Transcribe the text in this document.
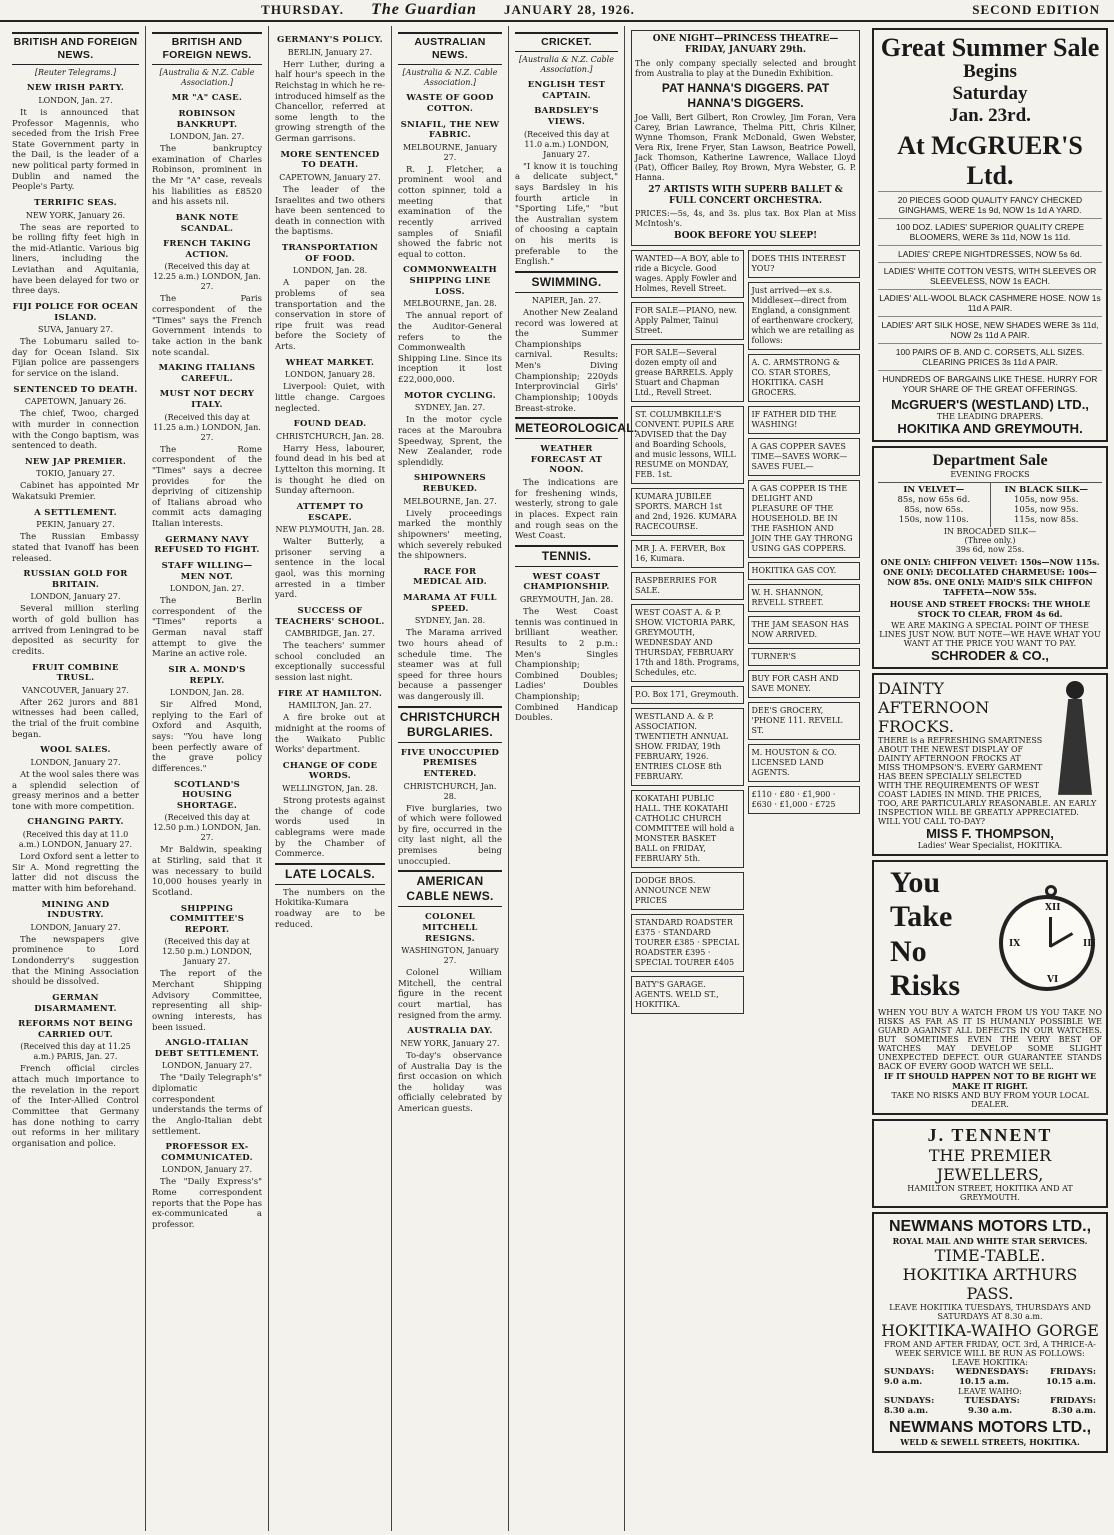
THURSDAY.	The Guardian	JANUARY 28, 1926.	SECOND EDITION
BRITISH AND FOREIGN NEWS.
[Reuter Telegrams.]
NEW IRISH PARTY.
LONDON, Jan. 27.

It is announced that Professor Magennis, who seceded from the Irish Free State Government party in the Dail, is the leader of a new political party formed in Dublin and named the People's Party.

TERRIFIC SEAS.
NEW YORK, January 26.

The seas are reported to be rolling fifty feet high in the mid-Atlantic. Various big liners, including the Leviathan and Aquitania, have been delayed for two or three days.

FIJI POLICE FOR OCEAN ISLAND.
SUVA, January 27.

The Lobumaru sailed to-day for Ocean Island. Six Fijian police are passengers for service on the island.

SENTENCED TO DEATH.
CAPETOWN, January 26.

The chief, Twoo, charged with murder in connection with the Congo baptism, was sentenced to death.

NEW JAP PREMIER.
TOKIO, January 27.

Cabinet has appointed Mr Wakatsuki Premier.

A SETTLEMENT.
PEKIN, January 27.

The Russian Embassy stated that Ivanoff has been released.

RUSSIAN GOLD FOR BRITAIN.
LONDON, January 27.

Several million sterling worth of gold bullion has arrived from Leningrad to be deposited as security for credits.

FRUIT COMBINE TRUSL.
VANCOUVER, January 27.

After 262 jurors and 881 witnesses had been called, the trial of the fruit combine began.

WOOL SALES.
LONDON, January 27.

At the wool sales there was a splendid selection of greasy merinos and a better tone with more competition.

CHANGING PARTY.
(Received this day at 11.0 a.m.) LONDON, January 27.

Lord Oxford sent a letter to Sir A. Mond regretting the latter did not discuss the matter with him beforehand.

MINING AND INDUSTRY.
LONDON, January 27.

The newspapers give prominence to Lord Londonderry's suggestion that the Mining Association should be dissolved.

GERMAN DISARMAMENT.
REFORMS NOT BEING CARRIED OUT.
(Received this day at 11.25 a.m.) PARIS, Jan. 27.

French official circles attach much importance to the revelation in the report of the Inter-Allied Control Committee that Germany has done nothing to carry out reforms in her military organisation and police.

BRITISH AND FOREIGN NEWS.
[Australia & N.Z. Cable Association.]
MR "A" CASE.
ROBINSON BANKRUPT.
LONDON, Jan. 27.

The bankruptcy examination of Charles Robinson, prominent in the Mr "A" case, reveals his liabilities as £8520 and his assets nil.

BANK NOTE SCANDAL.
FRENCH TAKING ACTION.
(Received this day at 12.25 a.m.) LONDON, Jan. 27.

The Paris correspondent of the "Times" says the French Government intends to take action in the bank note scandal.

MAKING ITALIANS CAREFUL.
MUST NOT DECRY ITALY.
(Received this day at 11.25 a.m.) LONDON, Jan. 27.

The Rome correspondent of the "Times" says a decree provides for the depriving of citizenship of Italians abroad who commit acts damaging Italian interests.

GERMANY NAVY REFUSED TO FIGHT.
STAFF WILLING—MEN NOT.
LONDON, Jan. 27.

The Berlin correspondent of the "Times" reports a German naval staff attempt to give the Marine an active role.

SIR A. MOND'S REPLY.
LONDON, Jan. 28.

Sir Alfred Mond, replying to the Earl of Oxford and Asquith, says: "You have long been perfectly aware of the grave policy differences."

SCOTLAND'S HOUSING SHORTAGE.
(Received this day at 12.50 p.m.) LONDON, Jan. 27.

Mr Baldwin, speaking at Stirling, said that it was necessary to build 10,000 houses yearly in Scotland.

SHIPPING COMMITTEE'S REPORT.
(Received this day at 12.50 p.m.) LONDON, January 27.

The report of the Merchant Shipping Advisory Committee, representing all ship-owning interests, has been issued.

ANGLO-ITALIAN DEBT SETTLEMENT.
LONDON, January 27.

The "Daily Telegraph's" diplomatic correspondent understands the terms of the Anglo-Italian debt settlement.

PROFESSOR EX-COMMUNICATED.
LONDON, January 27.

The "Daily Express's" Rome correspondent reports that the Pope has ex-communicated a professor.

GERMANY'S POLICY.
BERLIN, January 27.

Herr Luther, during a half hour's speech in the Reichstag in which he re-introduced himself as the Chancellor, referred at some length to the growing strength of the German garrisons.

MORE SENTENCED TO DEATH.
CAPETOWN, January 27.

The leader of the Israelites and two others have been sentenced to death in connection with the baptisms.

TRANSPORTATION OF FOOD.
LONDON, Jan. 28.

A paper on the problems of sea transportation and the conservation in store of ripe fruit was read before the Society of Arts.

WHEAT MARKET.
LONDON, January 28.

Liverpool: Quiet, with little change. Cargoes neglected.

FOUND DEAD.
CHRISTCHURCH, Jan. 28.

Harry Hess, labourer, found dead in his bed at Lyttelton this morning. It is thought he died on Sunday afternoon.

ATTEMPT TO ESCAPE.
NEW PLYMOUTH, Jan. 28.

Walter Butterly, a prisoner serving a sentence in the local gaol, was this morning arrested in a timber yard.

SUCCESS OF TEACHERS' SCHOOL.
CAMBRIDGE, Jan. 27.

The teachers' summer school concluded an exceptionally successful session last night.

FIRE AT HAMILTON.
HAMILTON, Jan. 27.

A fire broke out at midnight at the rooms of the Waikato Public Works' department.

CHANGE OF CODE WORDS.
WELLINGTON, Jan. 28.

Strong protests against the change of code words used in cablegrams were made by the Chamber of Commerce.

LATE LOCALS.

The numbers on the Hokitika-Kumara roadway are to be reduced.

AUSTRALIAN NEWS.
[Australia & N.Z. Cable Association.]
WASTE OF GOOD COTTON.
SNIAFIL, THE NEW FABRIC.
MELBOURNE, January 27.

R. J. Fletcher, a prominent wool and cotton spinner, told a meeting that examination of the recently arrived samples of Sniafil showed the fabric not equal to cotton.

COMMONWEALTH SHIPPING LINE LOSS.
MELBOURNE, Jan. 28.

The annual report of the Auditor-General refers to the Commonwealth Shipping Line. Since its inception it lost £22,000,000.

MOTOR CYCLING.
SYDNEY, Jan. 27.

In the motor cycle races at the Maroubra Speedway, Sprent, the New Zealander, rode splendidly.

SHIPOWNERS REBUKED.
MELBOURNE, Jan. 27.

Lively proceedings marked the monthly shipowners' meeting, which severely rebuked the shipowners.

RACE FOR MEDICAL AID.
MARAMA AT FULL SPEED.
SYDNEY, Jan. 28.

The Marama arrived two hours ahead of schedule time. The steamer was at full speed for three hours because a passenger was dangerously ill.

CHRISTCHURCH BURGLARIES.
FIVE UNOCCUPIED PREMISES ENTERED.
CHRISTCHURCH, Jan. 28.

Five burglaries, two of which were followed by fire, occurred in the city last night, all the premises being unoccupied.

AMERICAN CABLE NEWS.
COLONEL MITCHELL RESIGNS.
WASHINGTON, January 27.

Colonel William Mitchell, the central figure in the recent court martial, has resigned from the army.

AUSTRALIA DAY.
NEW YORK, January 27.

To-day's observance of Australia Day is the first occasion on which the holiday was officially celebrated by American guests.

CRICKET.
[Australia & N.Z. Cable Association.]
ENGLISH TEST CAPTAIN.
BARDSLEY'S VIEWS.
(Received this day at 11.0 a.m.) LONDON, January 27.

"I know it is touching a delicate subject," says Bardsley in his fourth article in "Sporting Life," "but the Australian system of choosing a captain on his merits is preferable to the English."

SWIMMING.
NAPIER, Jan. 27.

Another New Zealand record was lowered at the Summer Championships carnival. Results: Men's Diving Championship; 220yds Interprovincial Girls' Championship; 100yds Breast-stroke.

METEOROLOGICAL.
WEATHER FORECAST AT NOON.

The indications are for freshening winds, westerly, strong to gale in places. Expect rain and rough seas on the West Coast.

TENNIS.
WEST COAST CHAMPIONSHIP.
GREYMOUTH, Jan. 28.

The West Coast tennis was continued in brilliant weather. Results to 2 p.m.: Men's Singles Championship; Combined Doubles; Ladies' Doubles Championship; Combined Handicap Doubles.

ONE NIGHT—PRINCESS THEATRE—FRIDAY, JANUARY 29th.

The only company specially selected and brought from Australia to play at the Dunedin Exhibition.

PAT HANNA'S DIGGERS. PAT HANNA'S DIGGERS.

Joe Valli, Bert Gilbert, Ron Crowley, Jim Foran, Vera Carey, Brian Lawrance, Thelma Pitt, Chris Kilner, Wynne Thomson, Frank McDonald, Gwen Webster, Vera Rix, Irene Fryer, Stan Lawson, Beatrice Powell, Jack Thomson, Katherine Lawrence, Wallace Lloyd (Pat), Officer Bailey, Roy Brown, Myra Webster, G. P. Hanna.

27 ARTISTS WITH SUPERB BALLET & FULL CONCERT ORCHESTRA.

PRICES:—5s, 4s, and 3s. plus tax. Box Plan at Miss McIntosh's.

BOOK BEFORE YOU SLEEP!
WANTED—A BOY, able to ride a Bicycle. Good wages. Apply Fowler and Holmes, Revell Street.
FOR SALE—PIANO, new. Apply Palmer, Tainui Street.
FOR SALE—Several dozen empty oil and grease BARRELS. Apply Stuart and Chapman Ltd., Revell Street.
ST. COLUMBKILLE'S CONVENT. PUPILS ARE ADVISED that the Day and Boarding Schools, and music lessons, WILL RESUME on MONDAY, FEB. 1st.
KUMARA JUBILEE SPORTS. MARCH 1st and 2nd, 1926. KUMARA RACECOURSE.
MR J. A. FERVER, Box 16, Kumara.
RASPBERRIES FOR SALE.
WEST COAST A. & P. SHOW. VICTORIA PARK, GREYMOUTH, WEDNESDAY AND THURSDAY, FEBRUARY 17th and 18th. Programs, Schedules, etc.
P.O. Box 171, Greymouth.
WESTLAND A. & P. ASSOCIATION. TWENTIETH ANNUAL SHOW. FRIDAY, 19th FEBRUARY, 1926. ENTRIES CLOSE 8th FEBRUARY.
KOKATAHI PUBLIC HALL. THE KOKATAHI CATHOLIC CHURCH COMMITTEE will hold a MONSTER BASKET BALL on FRIDAY, FEBRUARY 5th.
DODGE BROS. ANNOUNCE NEW PRICES
STANDARD ROADSTER £375 · STANDARD TOURER £385 · SPECIAL ROADSTER £395 · SPECIAL TOURER £405
BATY'S GARAGE. AGENTS. WELD ST., HOKITIKA.
DOES THIS INTEREST YOU?
Just arrived—ex s.s. Middlesex—direct from England, a consignment of earthenware crockery, which we are retailing as follows:
A. C. ARMSTRONG & CO. STAR STORES, HOKITIKA. CASH GROCERS.
IF FATHER DID THE WASHING!
A GAS COPPER SAVES TIME—SAVES WORK—SAVES FUEL—
A GAS COPPER IS THE DELIGHT AND PLEASURE OF THE HOUSEHOLD. BE IN THE FASHION AND JOIN THE GAY THRONG USING GAS COPPERS.
HOKITIKA GAS COY.
W. H. SHANNON, REVELL STREET.
THE JAM SEASON HAS NOW ARRIVED.
TURNER'S
BUY FOR CASH AND SAVE MONEY.
DEE'S GROCERY, 'PHONE 111. REVELL ST.
M. HOUSTON & CO. LICENSED LAND AGENTS.
£110 · £80 · £1,900 · £630 · £1,000 · £725
Great Summer Sale
Begins
Saturday
Jan. 23rd.
At McGRUER'S Ltd.
20 PIECES GOOD QUALITY FANCY CHECKED GINGHAMS, WERE 1s 9d, NOW 1s 1d A YARD.
100 DOZ. LADIES' SUPERIOR QUALITY CREPE BLOOMERS, WERE 3s 11d, NOW 1s 11d.
LADIES' CREPE NIGHTDRESSES, NOW 5s 6d.
LADIES' WHITE COTTON VESTS, WITH SLEEVES OR SLEEVELESS, NOW 1s EACH.
LADIES' ALL-WOOL BLACK CASHMERE HOSE. NOW 1s 11d A PAIR.
LADIES' ART SILK HOSE, NEW SHADES WERE 3s 11d, NOW 2s 11d A PAIR.
100 PAIRS OF B. AND C. CORSETS, ALL SIZES. CLEARING PRICES 3s 11d A PAIR.
HUNDREDS OF BARGAINS LIKE THESE. HURRY FOR YOUR SHARE OF THE GREAT OFFERINGS.
McGRUER'S (WESTLAND) LTD.,
THE LEADING DRAPERS.
HOKITIKA AND GREYMOUTH.
Department Sale
EVENING FROCKS
IN VELVET—
85s, now 65s 6d.
85s, now 65s.
150s, now 110s.
IN BLACK SILK—
105s, now 95s.
105s, now 95s.
115s, now 85s.
IN BROCADED SILK—
(Three only.)
39s 6d, now 25s.
ONE ONLY: CHIFFON VELVET: 150s—NOW 115s. ONE ONLY: DECOLLATED CHARMEUSE: 100s—NOW 85s. ONE ONLY: MAID'S SILK CHIFFON TAFFETA—NOW 55s.
HOUSE AND STREET FROCKS: THE WHOLE STOCK TO CLEAR, FROM 4s 6d.
WE ARE MAKING A SPECIAL POINT OF THESE LINES JUST NOW. BUT NOTE—WE HAVE WHAT YOU WANT AT THE PRICE YOU WANT TO PAY.
SCHRODER & CO.,
DAINTY AFTERNOON FROCKS.
THERE is a REFRESHING SMARTNESS ABOUT THE NEWEST DISPLAY OF DAINTY AFTERNOON FROCKS AT MISS THOMPSON'S. EVERY GARMENT HAS BEEN SPECIALLY SELECTED WITH THE REQUIREMENTS OF WEST COAST LADIES IN MIND. THE PRICES, TOO, ARE PARTICULARLY REASONABLE. AN EARLY INSPECTION WILL BE GREATLY APPRECIATED.
WILL YOU CALL TO-DAY?
MISS F. THOMPSON,
Ladies' Wear Specialist, HOKITIKA.
You
Take
No
Risks
XII
III
VI
IX
WHEN YOU BUY A WATCH FROM US YOU TAKE NO RISKS AS FAR AS IT IS HUMANLY POSSIBLE WE GUARD AGAINST ALL DEFECTS IN OUR WATCHES. BUT SOMETIMES EVEN THE VERY BEST OF WATCHES MAY DEVELOP SOME SLIGHT UNEXPECTED DEFECT. OUR GUARANTEE STANDS BACK OF EVERY GOOD WATCH WE SELL.
IF IT SHOULD HAPPEN NOT TO BE RIGHT WE MAKE IT RIGHT.
TAKE NO RISKS AND BUY FROM YOUR LOCAL DEALER.
J. TENNENT
THE PREMIER JEWELLERS,
HAMILTON STREET, HOKITIKA AND AT GREYMOUTH.
NEWMANS MOTORS LTD.,
ROYAL MAIL AND WHITE STAR SERVICES.
TIME-TABLE.
HOKITIKA ARTHURS PASS.
LEAVE HOKITIKA TUESDAYS, THURSDAYS AND SATURDAYS AT 8.30 a.m.
HOKITIKA-WAIHO GORGE
FROM AND AFTER FRIDAY, OCT. 3rd, A THRICE-A-WEEK SERVICE WILL BE RUN AS FOLLOWS:
LEAVE HOKITIKA:
SUNDAYS:	WEDNESDAYS:	FRIDAYS:
9.0 a.m.	10.15 a.m.	10.15 a.m.
LEAVE WAIHO:
SUNDAYS:	TUESDAYS:	FRIDAYS:
8.30 a.m.	9.30 a.m.	8.30 a.m.
NEWMANS MOTORS LTD.,
WELD & SEWELL STREETS, HOKITIKA.
